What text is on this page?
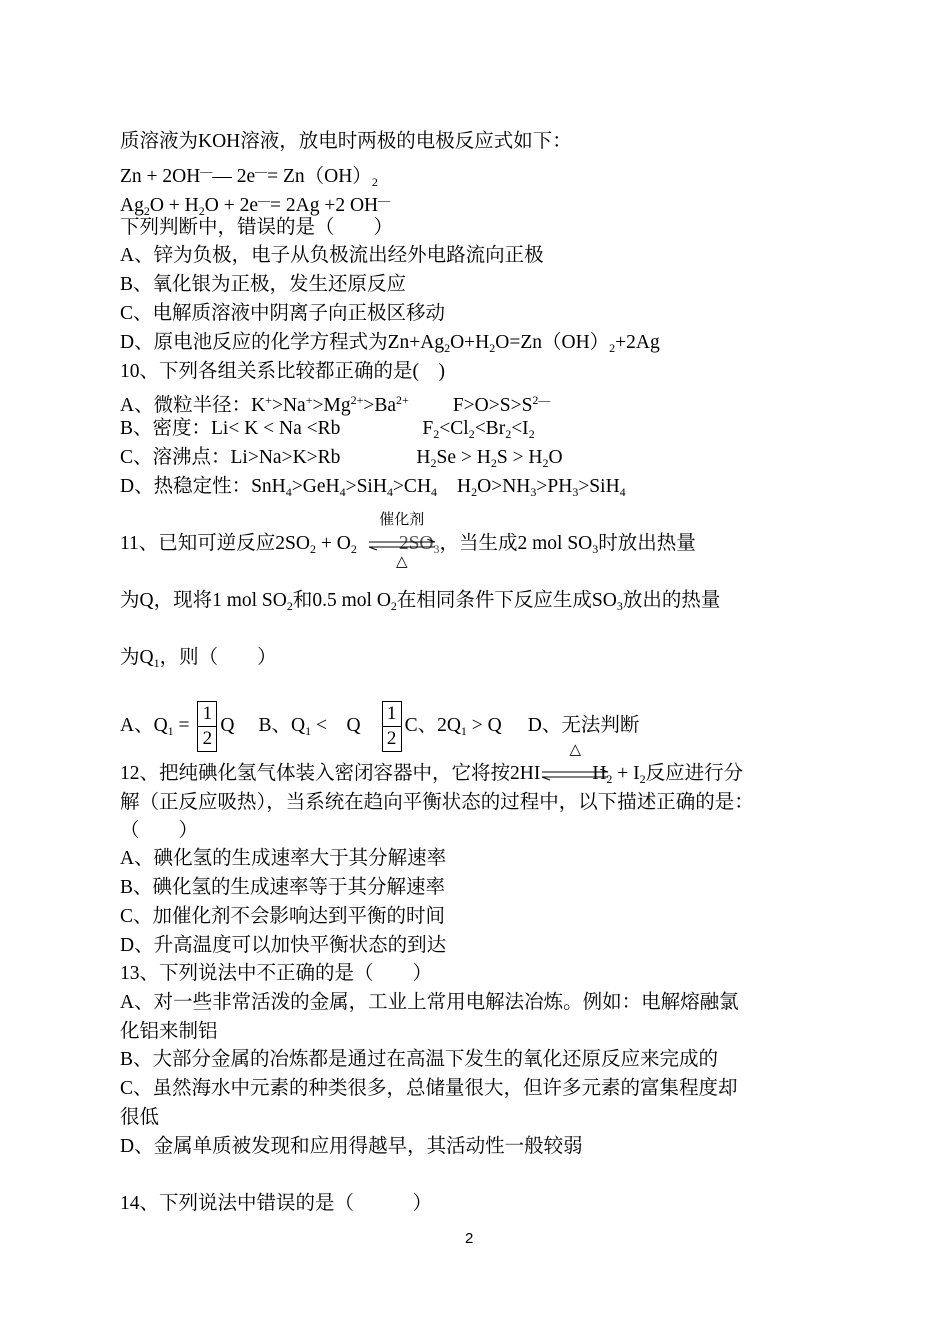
质溶液为KOH溶液，放电时两极的电极反应式如下：
Zn + 2OH—— $2e^—= Zn(OH)_2$
$Ag_2O + H_2O + 2e^—= 2Ag +2$ OH—
下列判断中，错误的是（　　）
A、锌为负极，电子从负极流出经外电路流向正极
B、氧化银为正极，发生还原反应
C、电解质溶液中阴离子向正极区移动
D、原电池反应的化学方程式为$Zn+Ag_2O+H_2O=Zn(OH)_2+2Ag$
10、下列各组关系比较都正确的是(　)
A、微粒半径：$K^+>Na^+>Mg^{2+}>Ba^{2+}$ $F>O>S>S^{2—}$
B、密度：Li< K < Na <Rb	$F_2<Cl_2<Br_2<I_2$
C、溶沸点：Li>Na>K>Rb	$H_2Se > H_2S > H_2O$
D、热稳定性：$SnH_4>GeH_4>SiH_4>CH_4$ $H_2O>NH_3>PH_3>SiH_4$
11、已知可逆反应$2SO_2 + O_2$
催化剂
△
$2SO_3$，当生成2 mol $SO_3$时放出热量
为Q，现将1 mol $SO_2$和0.5 mol $O_2$在相同条件下反应生成$SO_3$放出的热量
为$Q_1$，则（　　）
A、$Q_1 = \frac{1}{2}$ Q B、$Q_1$ <　Q $\frac{1}{2}$ C、$2Q_1 > Q$ D、无法判断
12、把纯碘化氢气体装入密闭容器中，它将按2HI
△
$H_2 + I_2$反应进行分
解（正反应吸热），当系统在趋向平衡状态的过程中，以下描述正确的是：
（　　）
A、碘化氢的生成速率大于其分解速率
B、碘化氢的生成速率等于其分解速率
C、加催化剂不会影响达到平衡的时间
D、升高温度可以加快平衡状态的到达
13、下列说法中不正确的是（　　）
A、对一些非常活泼的金属，工业上常用电解法冶炼。例如：电解熔融氯
化铝来制铝
B、大部分金属的冶炼都是通过在高温下发生的氧化还原反应来完成的
C、虽然海水中元素的种类很多，总储量很大，但许多元素的富集程度却
很低
D、金属单质被发现和应用得越早，其活动性一般较弱
14、下列说法中错误的是（　　　）
2
